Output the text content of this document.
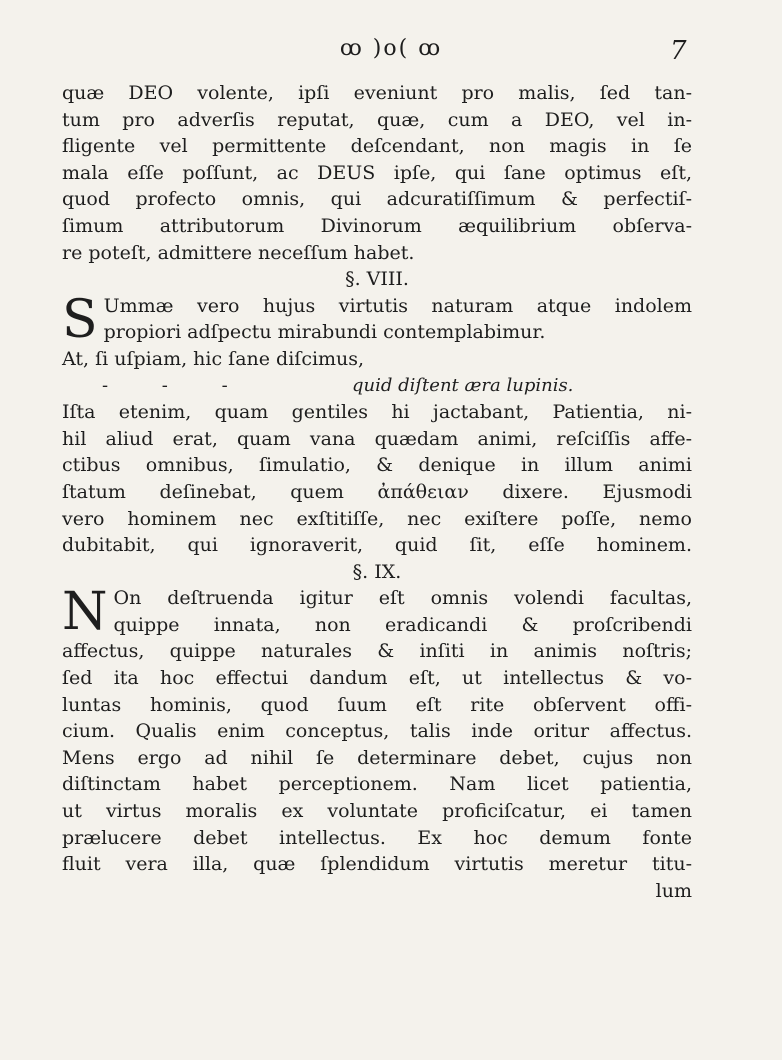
ꝏ )o( ꝏ	7
quæ DEO volente, ipſi eveniunt pro malis, ſed tan-
tum pro adverſis reputat, quæ, cum a DEO, vel in-
fligente vel permittente deſcendant, non magis in ſe
mala eſſe poſſunt, ac DEUS ipſe, qui ſane optimus eſt,
quod profecto omnis, qui adcuratiſſimum & perfectiſ-
ſimum attributorum Divinorum æquilibrium obſerva-
re poteſt, admittere neceſſum habet.
§. VIII.
S Ummæ vero hujus virtutis naturam atque indolem
propiori adſpectu mirabundi contemplabimur.
At, ſi uſpiam, hic ſane diſcimus,
- - -	quid diſtent æra lupinis.
Iſta etenim, quam gentiles hi jactabant, Patientia, ni-
hil aliud erat, quam vana quædam animi, reſciſſis affe-
ctibus omnibus, ſimulatio, & denique in illum animi
ſtatum deſinebat, quem ἀπάθειαν dixere. Ejusmodi
vero hominem nec exſtitiſſe, nec exiſtere poſſe, nemo
dubitabit, qui ignoraverit, quid ſit, eſſe hominem.
§. IX.
N On deſtruenda igitur eſt omnis volendi facultas,
quippe innata, non eradicandi & proſcribendi
affectus, quippe naturales & inſiti in animis noſtris;
ſed ita hoc effectui dandum eſt, ut intellectus & vo-
luntas hominis, quod ſuum eſt rite obſervent offi-
cium. Qualis enim conceptus, talis inde oritur affectus.
Mens ergo ad nihil ſe determinare debet, cujus non
diſtinctam habet perceptionem. Nam licet patientia,
ut virtus moralis ex voluntate proficiſcatur, ei tamen
prælucere debet intellectus. Ex hoc demum fonte
fluit vera illa, quæ ſplendidum virtutis meretur titu-
lum
